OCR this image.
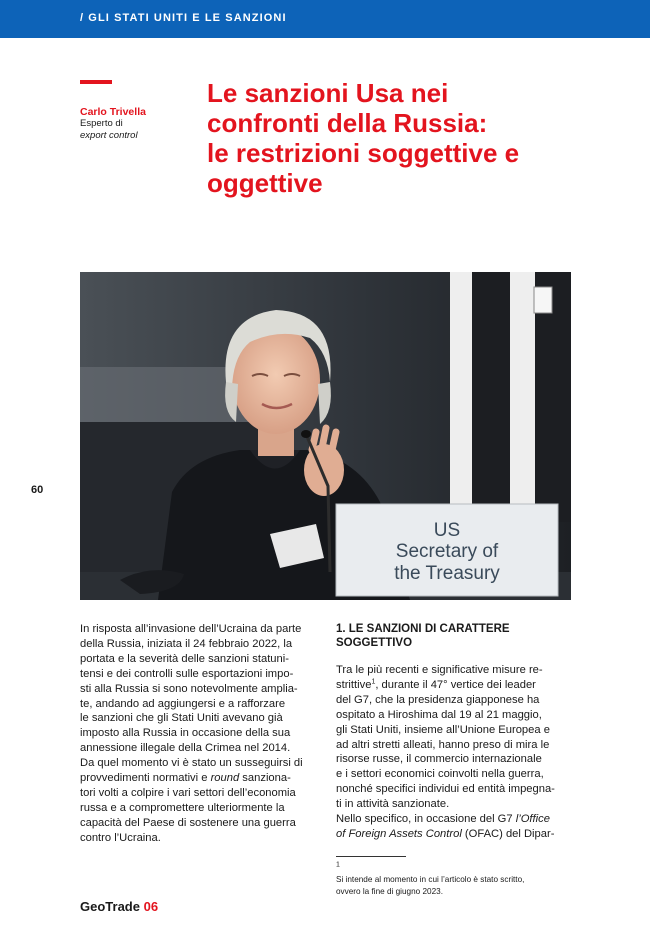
/ GLI STATI UNITI E LE SANZIONI
Carlo Trivella
Esperto di
export control
Le sanzioni Usa nei
confronti della Russia:
le restrizioni soggettive e
oggettive
60
US
Secretary of
the Treasury
In risposta all’invasione dell’Ucraina da parte
della Russia, iniziata il 24 febbraio 2022, la
portata e la severità delle sanzioni statuni-
tensi e dei controlli sulle esportazioni impo-
sti alla Russia si sono notevolmente amplia-
te, andando ad aggiungersi e a rafforzare
le sanzioni che gli Stati Uniti avevano già
imposto alla Russia in occasione della sua
annessione illegale della Crimea nel 2014.
Da quel momento vi è stato un susseguirsi di
provvedimenti normativi e round sanziona-
tori volti a colpire i vari settori dell’economia
russa e a compromettere ulteriormente la
capacità del Paese di sostenere una guerra
contro l’Ucraina.
1. LE SANZIONI DI CARATTERE
SOGGETTIVO
Tra le più recenti e significative misure re-
strittive$^1$, durante il 47° vertice dei leader
del G7, che la presidenza giapponese ha
ospitato a Hiroshima dal 19 al 21 maggio,
gli Stati Uniti, insieme all’Unione Europea e
ad altri stretti alleati, hanno preso di mira le
risorse russe, il commercio internazionale
e i settori economici coinvolti nella guerra,
nonché specifici individui ed entità impegna-
ti in attività sanzionate.
Nello specifico, in occasione del G7 l’Office
of Foreign Assets Control (OFAC) del Dipar-
$^1$
Si intende al momento in cui l’articolo è stato scritto,
ovvero la fine di giugno 2023.
GeoTrade 06
